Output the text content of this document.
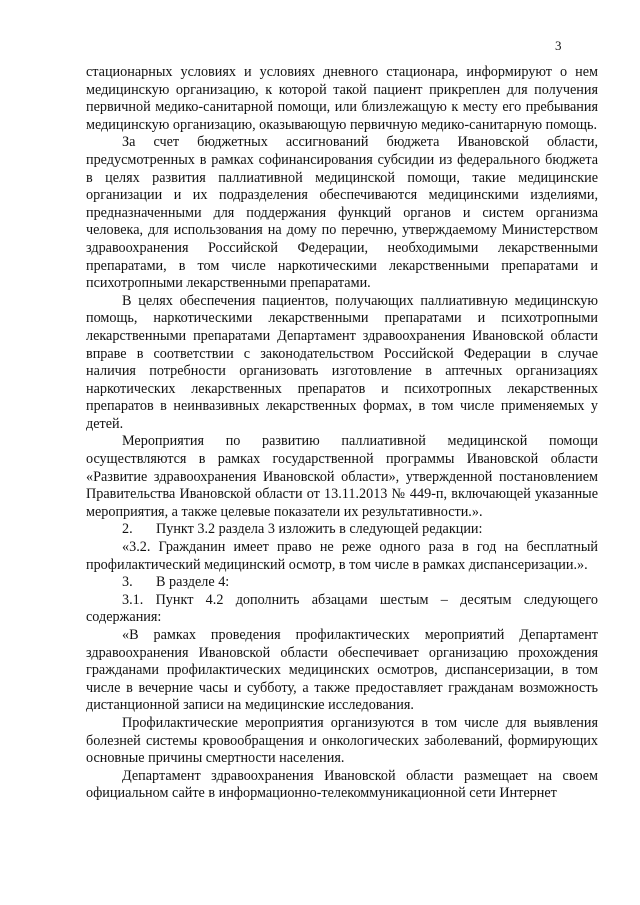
3

стационарных условиях и условиях дневного стационара, информируют о нем медицинскую организацию, к которой такой пациент прикреплен для получения первичной медико-санитарной помощи, или близлежащую к месту его пребывания медицинскую организацию, оказывающую первичную медико-санитарную помощь.

За счет бюджетных ассигнований бюджета Ивановской области, предусмотренных в рамках софинансирования субсидии из федерального бюджета в целях развития паллиативной медицинской помощи, такие медицинские организации и их подразделения обеспечиваются медицинскими изделиями, предназначенными для поддержания функций органов и систем организма человека, для использования на дому по перечню, утверждаемому Министерством здравоохранения Российской Федерации, необходимыми лекарственными препаратами, в том числе наркотическими лекарственными препаратами и психотропными лекарственными препаратами.

В целях обеспечения пациентов, получающих паллиативную медицинскую помощь, наркотическими лекарственными препаратами и психотропными лекарственными препаратами Департамент здравоохранения Ивановской области вправе в соответствии с законодательством Российской Федерации в случае наличия потребности организовать изготовление в аптечных организациях наркотических лекарственных препаратов и психотропных лекарственных препаратов в неинвазивных лекарственных формах, в том числе применяемых у детей.

Мероприятия по развитию паллиативной медицинской помощи осуществляются в рамках государственной программы Ивановской области «Развитие здравоохранения Ивановской области», утвержденной постановлением Правительства Ивановской области от 13.11.2013 № 449-п, включающей указанные мероприятия, а также целевые показатели их результативности.».

2. Пункт 3.2 раздела 3 изложить в следующей редакции:

«3.2. Гражданин имеет право не реже одного раза в год на бесплатный профилактический медицинский осмотр, в том числе в рамках диспансеризации.».

3. В разделе 4:

3.1. Пункт 4.2 дополнить абзацами шестым – десятым следующего содержания:

«В рамках проведения профилактических мероприятий Департамент здравоохранения Ивановской области обеспечивает организацию прохождения гражданами профилактических медицинских осмотров, диспансеризации, в том числе в вечерние часы и субботу, а также предоставляет гражданам возможность дистанционной записи на медицинские исследования.

Профилактические мероприятия организуются в том числе для выявления болезней системы кровообращения и онкологических заболеваний, формирующих основные причины смертности населения.

Департамент здравоохранения Ивановской области размещает на своем официальном сайте в информационно-телекоммуникационной сети Интернет
